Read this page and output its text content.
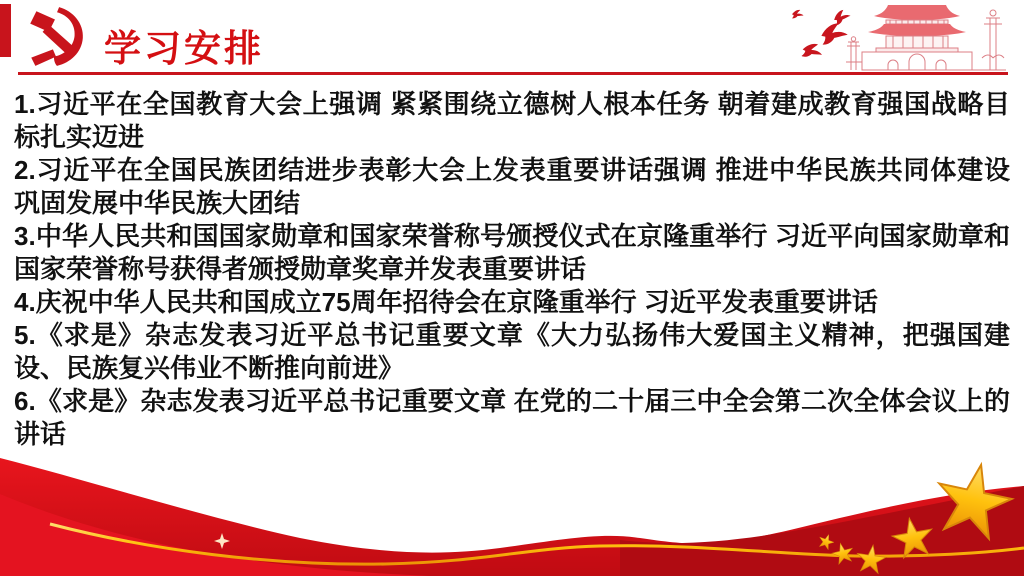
学习安排

1.习近平在全国教育大会上强调 紧紧围绕立德树人根本任务 朝着建成教育强国战略目标扎实迈进

2.习近平在全国民族团结进步表彰大会上发表重要讲话强调 推进中华民族共同体建设 巩固发展中华民族大团结

3.中华人民共和国国家勋章和国家荣誉称号颁授仪式在京隆重举行 习近平向国家勋章和国家荣誉称号获得者颁授勋章奖章并发表重要讲话

4.庆祝中华人民共和国成立75周年招待会在京隆重举行 习近平发表重要讲话

5.《求是》杂志发表习近平总书记重要文章《大力弘扬伟大爱国主义精神，把强国建设、民族复兴伟业不断推向前进》

6.《求是》杂志发表习近平总书记重要文章 在党的二十届三中全会第二次全体会议上的讲话
